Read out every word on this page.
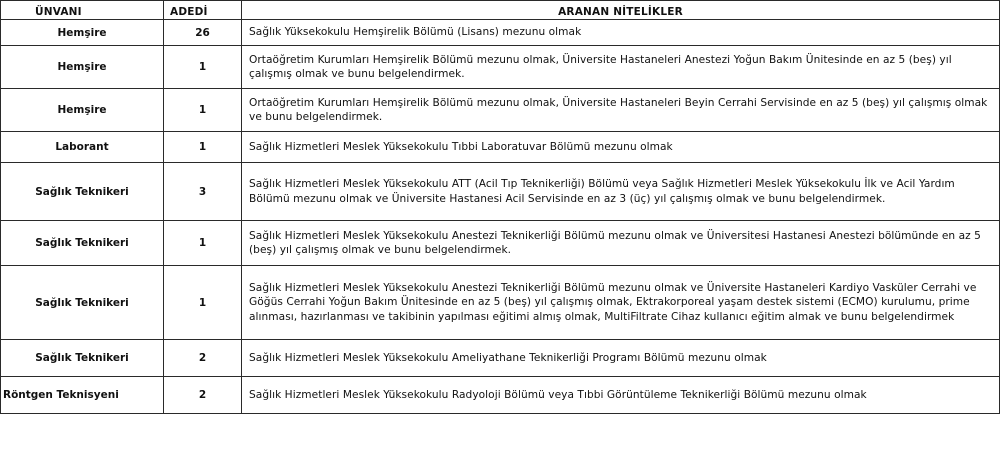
ÜNVANI	ADEDİ	ARANAN NİTELİKLER
Hemşire	26	Sağlık Yüksekokulu Hemşirelik Bölümü (Lisans) mezunu olmak
Hemşire	1	Ortaöğretim Kurumları Hemşirelik Bölümü mezunu olmak, Üniversite Hastaneleri Anestezi Yoğun Bakım Ünitesinde en az 5 (beş) yıl çalışmış olmak ve bunu belgelendirmek.
Hemşire	1	Ortaöğretim Kurumları Hemşirelik Bölümü mezunu olmak, Üniversite Hastaneleri Beyin Cerrahi Servisinde en az 5 (beş) yıl çalışmış olmak ve bunu belgelendirmek.
Laborant	1	Sağlık Hizmetleri Meslek Yüksekokulu Tıbbi Laboratuvar Bölümü mezunu olmak
Sağlık Teknikeri	3	Sağlık Hizmetleri Meslek Yüksekokulu ATT (Acil Tıp Teknikerliği) Bölümü veya Sağlık Hizmetleri Meslek Yüksekokulu İlk ve Acil Yardım Bölümü mezunu olmak ve Üniversite Hastanesi Acil Servisinde en az 3 (üç) yıl çalışmış olmak ve bunu belgelendirmek.
Sağlık Teknikeri	1	Sağlık Hizmetleri Meslek Yüksekokulu Anestezi Teknikerliği Bölümü mezunu olmak ve Üniversitesi Hastanesi Anestezi bölümünde en az 5 (beş) yıl çalışmış olmak ve bunu belgelendirmek.
Sağlık Teknikeri	1	Sağlık Hizmetleri Meslek Yüksekokulu Anestezi Teknikerliği Bölümü mezunu olmak ve Üniversite Hastaneleri Kardiyo Vasküler Cerrahi ve Göğüs Cerrahi Yoğun Bakım Ünitesinde en az 5 (beş) yıl çalışmış olmak, Ektrakorporeal yaşam destek sistemi (ECMO) kurulumu, prime alınması, hazırlanması ve takibinin yapılması eğitimi almış olmak, MultiFiltrate Cihaz kullanıcı eğitim almak ve bunu belgelendirmek
Sağlık Teknikeri	2	Sağlık Hizmetleri Meslek Yüksekokulu Ameliyathane Teknikerliği Programı Bölümü mezunu olmak
Röntgen Teknisyeni	2	Sağlık Hizmetleri Meslek Yüksekokulu Radyoloji Bölümü veya Tıbbi Görüntüleme Teknikerliği Bölümü mezunu olmak
